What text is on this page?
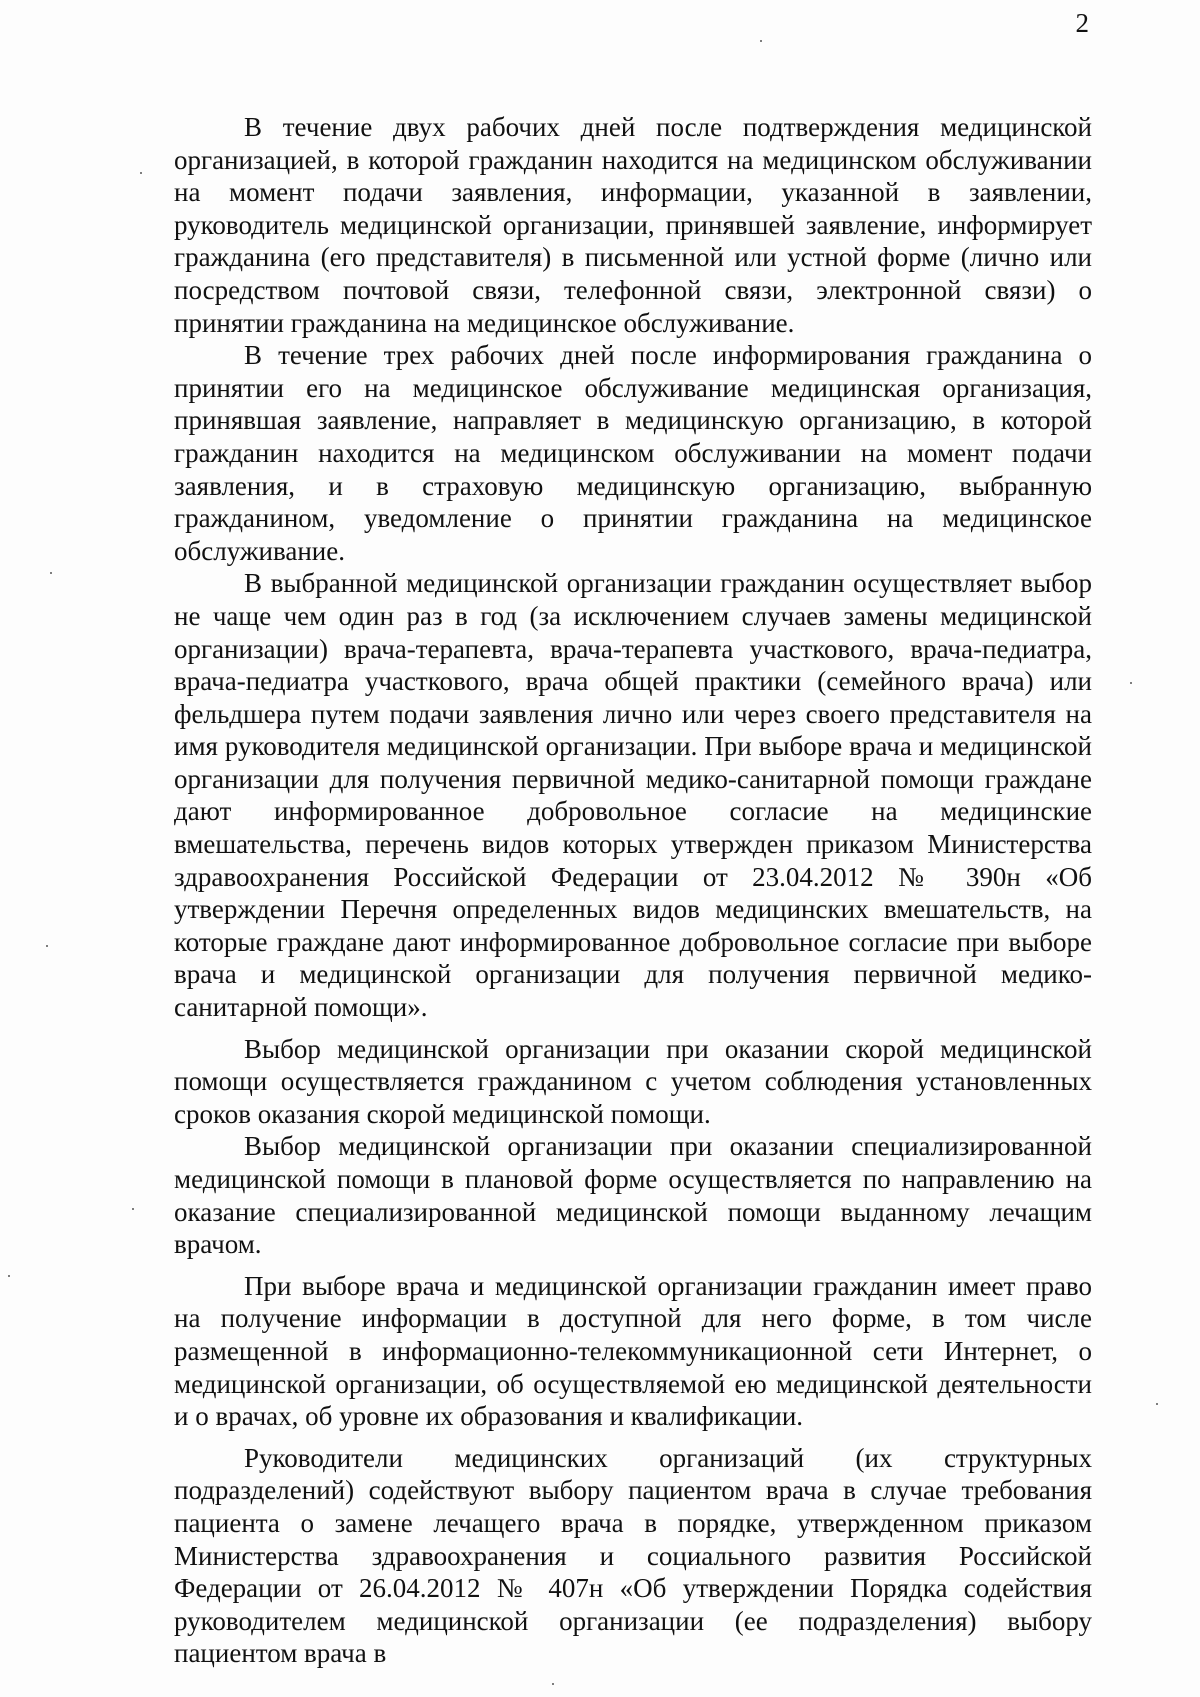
2

В течение двух рабочих дней после подтверждения медицинской организацией, в которой гражданин находится на медицинском обслуживании на момент подачи заявления, информации, указанной в заявлении, руководитель медицинской организации, принявшей заявление, информирует гражданина (его представителя) в письменной или устной форме (лично или посредством почтовой связи, телефонной связи, электронной связи) о принятии гражданина на медицинское обслуживание.

В течение трех рабочих дней после информирования гражданина о принятии его на медицинское обслуживание медицинская организация, принявшая заявление, направляет в медицинскую организацию, в которой гражданин находится на медицинском обслуживании на момент подачи заявления, и в страховую медицинскую организацию, выбранную гражданином, уведомление о принятии гражданина на медицинское обслуживание.

В выбранной медицинской организации гражданин осуществляет выбор не чаще чем один раз в год (за исключением случаев замены медицинской организации) врача-терапевта, врача-терапевта участкового, врача-педиатра, врача-педиатра участкового, врача общей практики (семейного врача) или фельдшера путем подачи заявления лично или через своего представителя на имя руководителя медицинской организации. При выборе врача и медицинской организации для получения первичной медико-санитарной помощи граждане дают информированное добровольное согласие на медицинские вмешательства, перечень видов которых утвержден приказом Министерства здравоохранения Российской Федерации от 23.04.2012 № 390н «Об утверждении Перечня определенных видов медицинских вмешательств, на которые граждане дают информированное добровольное согласие при выборе врача и медицинской организации для получения первичной медико-санитарной помощи».

Выбор медицинской организации при оказании скорой медицинской помощи осуществляется гражданином с учетом соблюдения установленных сроков оказания скорой медицинской помощи.

Выбор медицинской организации при оказании специализированной медицинской помощи в плановой форме осуществляется по направлению на оказание специализированной медицинской помощи выданному лечащим врачом.

При выборе врача и медицинской организации гражданин имеет право на получение информации в доступной для него форме, в том числе размещенной в информационно-телекоммуникационной сети Интернет, о медицинской организации, об осуществляемой ею медицинской деятельности и о врачах, об уровне их образования и квалификации.

Руководители медицинских организаций (их структурных подразделений) содействуют выбору пациентом врача в случае требования пациента о замене лечащего врача в порядке, утвержденном приказом Министерства здравоохранения и социального развития Российской Федерации от 26.04.2012 № 407н «Об утверждении Порядка содействия руководителем медицинской организации (ее подразделения) выбору пациентом врача в
